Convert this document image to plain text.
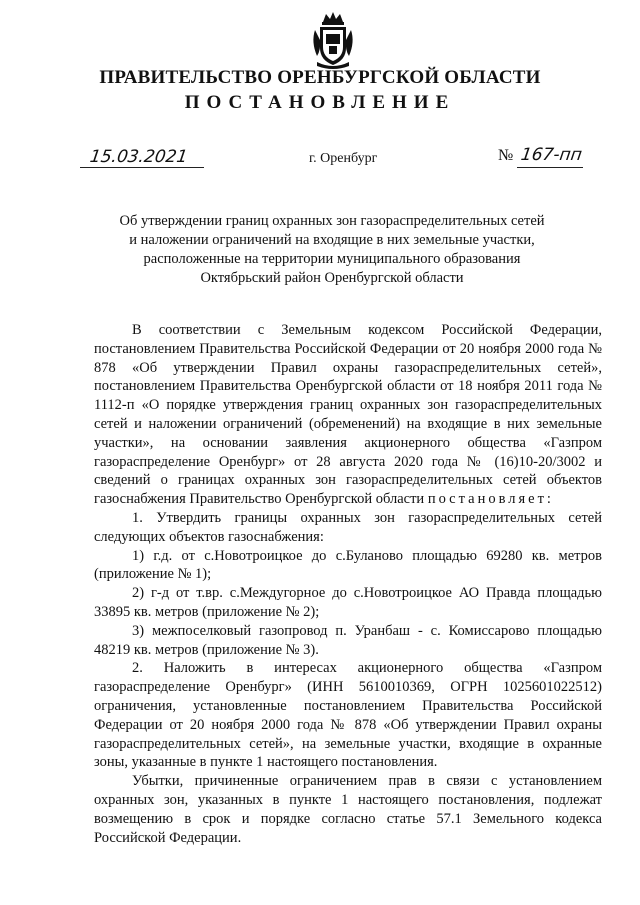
ПРАВИТЕЛЬСТВО ОРЕНБУРГСКОЙ ОБЛАСТИ
ПОСТАНОВЛЕНИЕ
15.03.2021	г. Оренбург	№ 167-пп
Об утверждении границ охранных зон газораспределительных сетей
и наложении ограничений на входящие в них земельные участки,
расположенные на территории муниципального образования
Октябрьский район Оренбургской области

В соответствии с Земельным кодексом Российской Федерации, постановлением Правительства Российской Федерации от 20 ноября 2000 года № 878 «Об утверждении Правил охраны газораспределительных сетей», постановлением Правительства Оренбургской области от 18 ноября 2011 года № 1112-п «О порядке утверждения границ охранных зон газораспределительных сетей и наложении ограничений (обременений) на входящие в них земельные участки», на основании заявления акционерного общества «Газпром газораспределение Оренбург» от 28 августа 2020 года № (16)10-20/3002 и сведений о границах охранных зон газораспределительных сетей объектов газоснабжения Правительство Оренбургской области постановляет:

1. Утвердить границы охранных зон газораспределительных сетей следующих объектов газоснабжения:

1) г.д. от с.Новотроицкое до с.Буланово площадью 69280 кв. метров (приложение № 1);

2) г-д от т.вр. с.Междугорное до с.Новотроицкое АО Правда площадью 33895 кв. метров (приложение № 2);

3) межпоселковый газопровод п. Уранбаш - с. Комиссарово площадью 48219 кв. метров (приложение № 3).

2. Наложить в интересах акционерного общества «Газпром газораспределение Оренбург» (ИНН 5610010369, ОГРН 1025601022512) ограничения, установленные постановлением Правительства Российской Федерации от 20 ноября 2000 года № 878 «Об утверждении Правил охраны газораспределительных сетей», на земельные участки, входящие в охранные зоны, указанные в пункте 1 настоящего постановления.

Убытки, причиненные ограничением прав в связи с установлением охранных зон, указанных в пункте 1 настоящего постановления, подлежат возмещению в срок и порядке согласно статье 57.1 Земельного кодекса Российской Федерации.
